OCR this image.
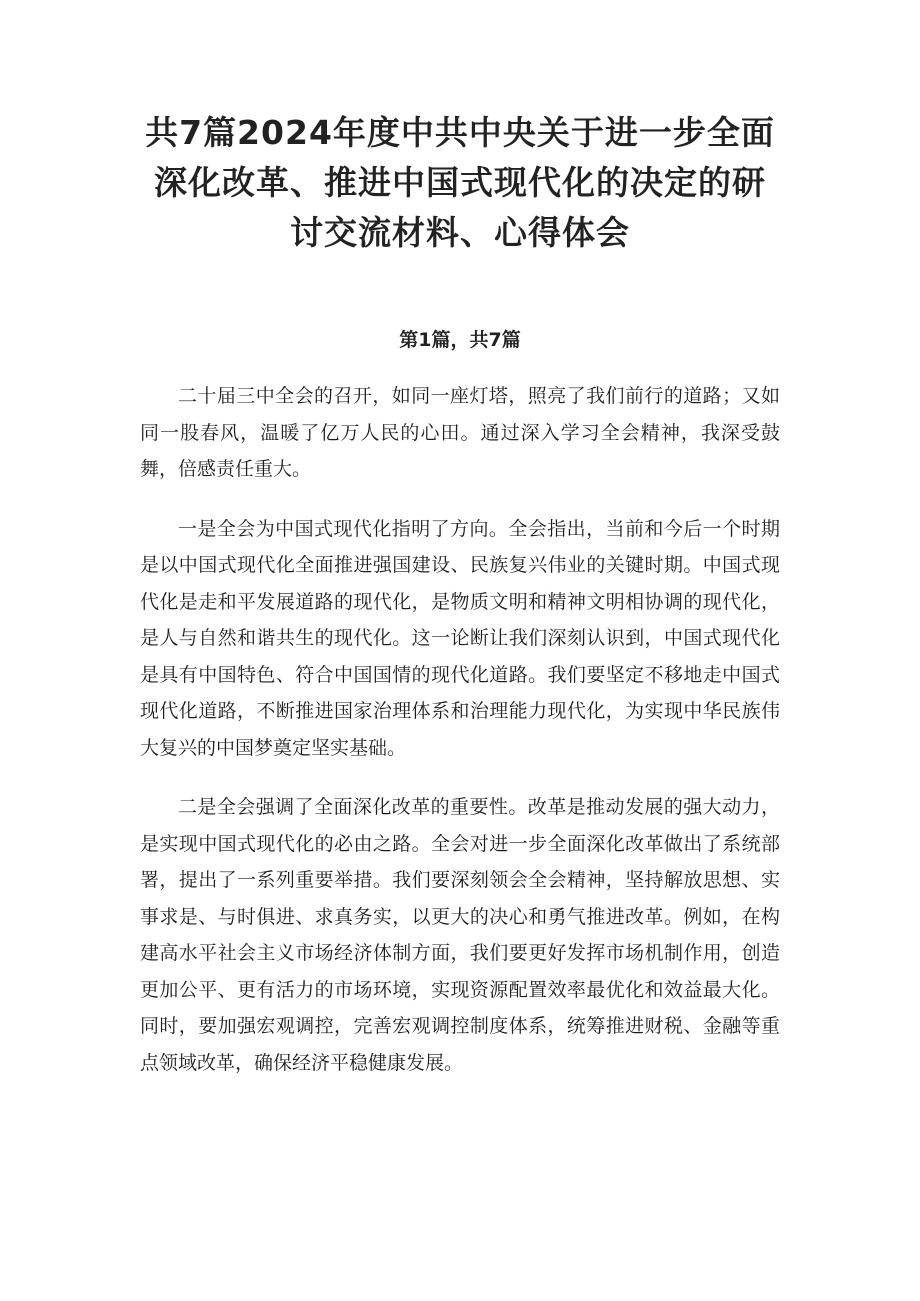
共7篇2024年度中共中央关于进一步全面深化改革、推进中国式现代化的决定的研讨交流材料、心得体会
第1篇，共7篇

二十届三中全会的召开，如同一座灯塔，照亮了我们前行的道路；又如同一股春风，温暖了亿万人民的心田。通过深入学习全会精神，我深受鼓舞，倍感责任重大。

一是全会为中国式现代化指明了方向。全会指出，当前和今后一个时期是以中国式现代化全面推进强国建设、民族复兴伟业的关键时期。中国式现代化是走和平发展道路的现代化，是物质文明和精神文明相协调的现代化，是人与自然和谐共生的现代化。这一论断让我们深刻认识到，中国式现代化是具有中国特色、符合中国国情的现代化道路。我们要坚定不移地走中国式现代化道路，不断推进国家治理体系和治理能力现代化，为实现中华民族伟大复兴的中国梦奠定坚实基础。

二是全会强调了全面深化改革的重要性。改革是推动发展的强大动力，是实现中国式现代化的必由之路。全会对进一步全面深化改革做出了系统部署，提出了一系列重要举措。我们要深刻领会全会精神，坚持解放思想、实事求是、与时俱进、求真务实，以更大的决心和勇气推进改革。例如，在构建高水平社会主义市场经济体制方面，我们要更好发挥市场机制作用，创造更加公平、更有活力的市场环境，实现资源配置效率最优化和效益最大化。同时，要加强宏观调控，完善宏观调控制度体系，统筹推进财税、金融等重点领域改革，确保经济平稳健康发展。
